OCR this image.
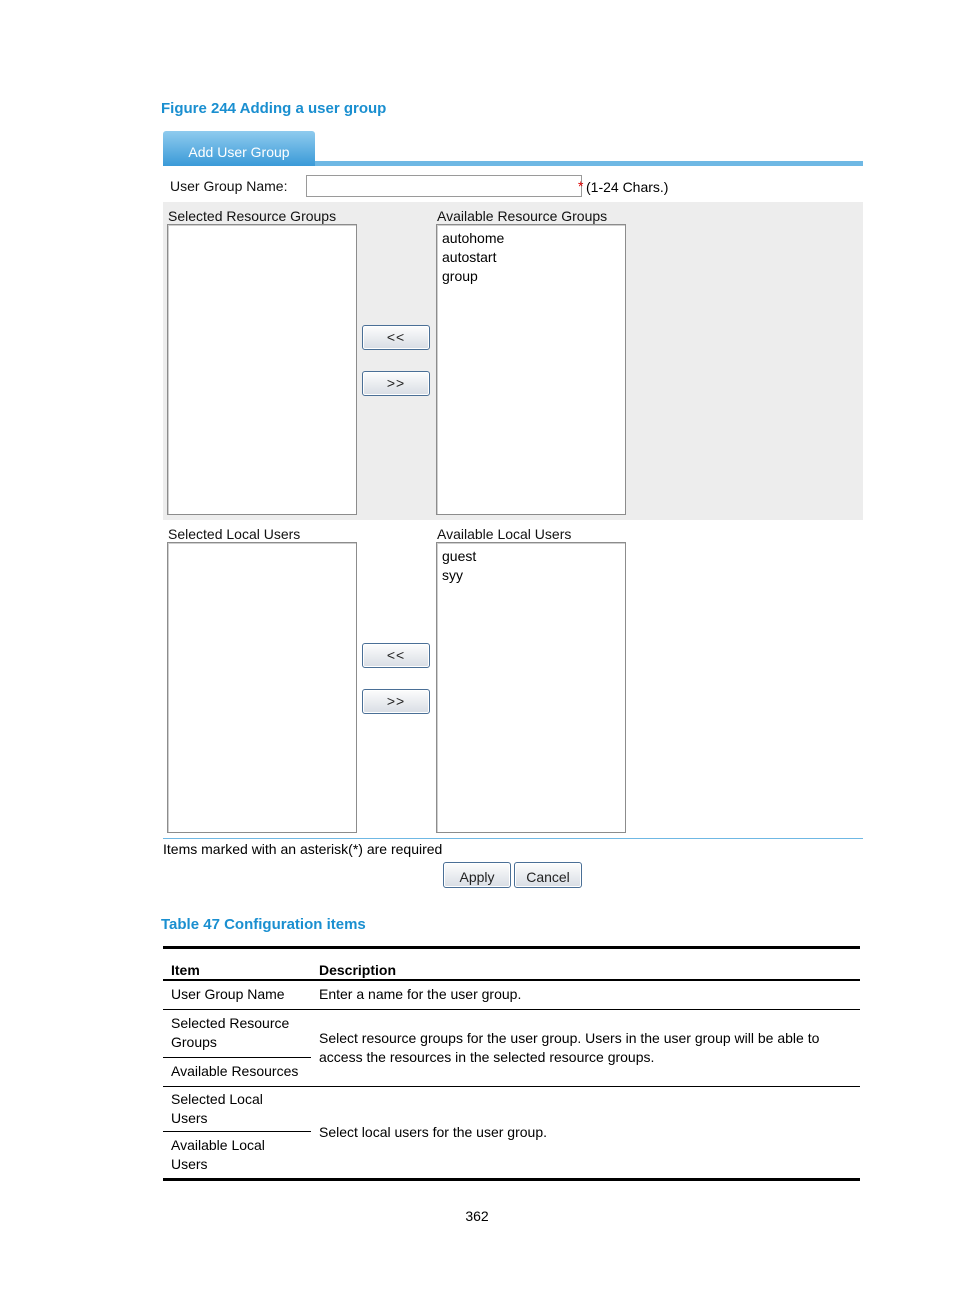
Figure 244 Adding a user group
Add User Group
User Group Name:	* (1-24 Chars.)
Selected Resource Groups	Available Resource Groups
autohome
autostart
group
<<
>>
Selected Local Users	Available Local Users
guest
syy
<<
>>
Items marked with an asterisk(*) are required
Apply	Cancel
Table 47 Configuration items
Item	Description
User Group Name	Enter a name for the user group.
Selected Resource Groups	Select resource groups for the user group. Users in the user group will be able to access the resources in the selected resource groups.
Available Resources	
Selected Local Users	Select local users for the user group.
Available Local Users	
362
